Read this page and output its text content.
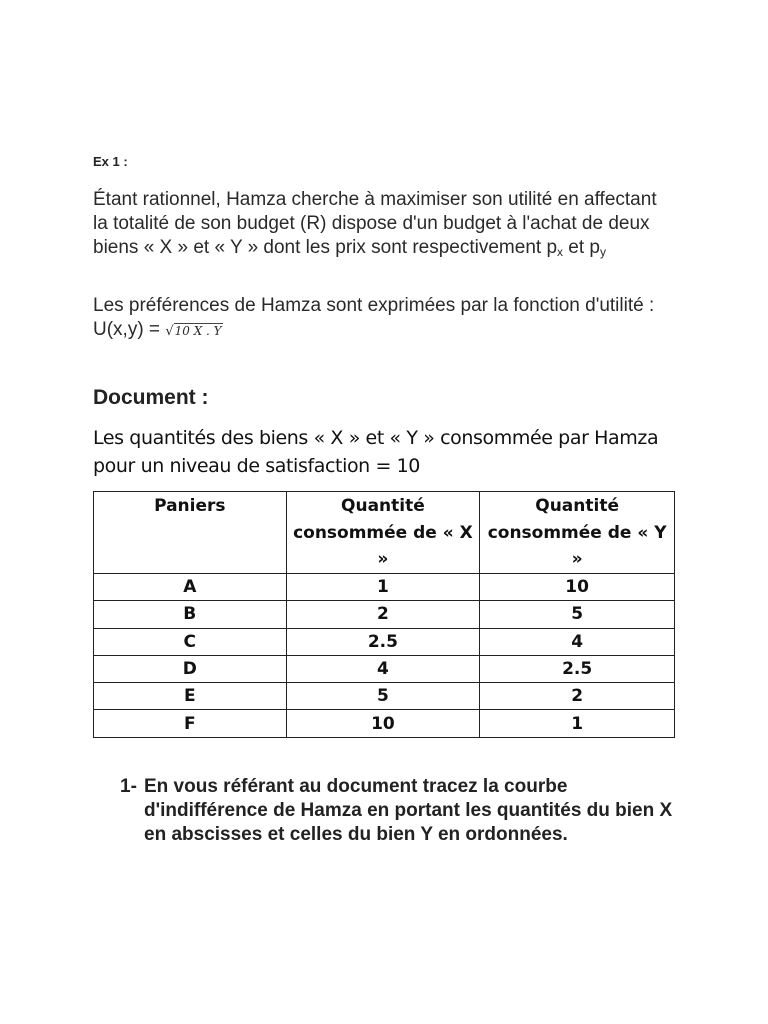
Ex 1 :
Étant rationnel, Hamza cherche à maximiser son utilité en affectant la totalité de son budget (R) dispose d'un budget à l'achat de deux biens « X » et « Y » dont les prix sont respectivement $p_x$ et $p_y$
Les préférences de Hamza sont exprimées par la fonction d'utilité : U(x,y) = √10 X . Y
Document :
Les quantités des biens « X » et « Y » consommée par Hamza pour un niveau de satisfaction = 10
Paniers	Quantité consommée de « X »	Quantité consommée de « Y »
A	1	10
B	2	5
C	2.5	4
D	4	2.5
E	5	2
F	10	1
1- En vous référant au document tracez la courbe d'indifférence de Hamza en portant les quantités du bien X en abscisses et celles du bien Y en ordonnées.
